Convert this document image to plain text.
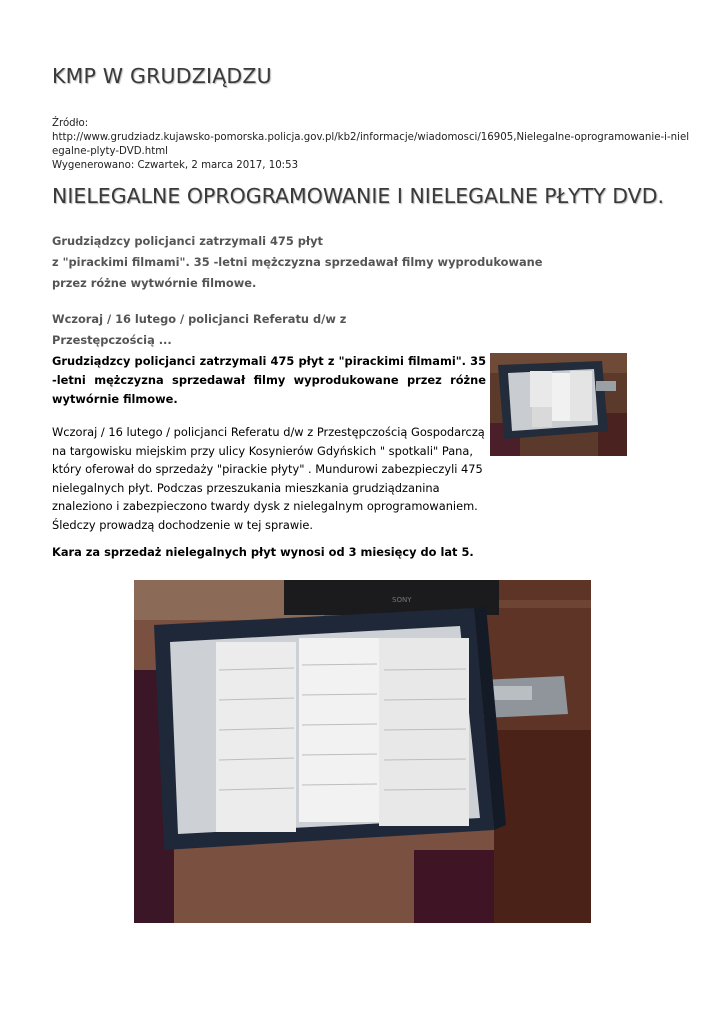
KMP W GRUDZIĄDZU
Źródło:
http://www.grudziadz.kujawsko-pomorska.policja.gov.pl/kb2/informacje/wiadomosci/16905,Nielegalne-oprogramowanie-i-niel
egalne-plyty-DVD.html
Wygenerowano: Czwartek, 2 marca 2017, 10:53
NIELEGALNE OPROGRAMOWANIE I NIELEGALNE PŁYTY DVD.
Grudziądzcy policjanci zatrzymali 475 płyt
z "pirackimi filmami". 35 -letni mężczyzna sprzedawał filmy wyprodukowane
przez różne wytwórnie filmowe.
Wczoraj / 16 lutego / policjanci Referatu d/w z
Przestępczością ...
Grudziądzcy policjanci zatrzymali 475 płyt z "pirackimi filmami". 35 -letni mężczyzna sprzedawał filmy wyprodukowane przez różne wytwórnie filmowe.
Wczoraj / 16 lutego / policjanci Referatu d/w z Przestępczością Gospodarczą
na targowisku miejskim przy ulicy Kosynierów Gdyńskich " spotkali" Pana,
który oferował do sprzedaży "pirackie płyty" . Mundurowi zabezpieczyli 475
nielegalnych płyt. Podczas przeszukania mieszkania grudziądzanina
znaleziono i zabezpieczono twardy dysk z nielegalnym oprogramowaniem.
Śledczy prowadzą dochodzenie w tej sprawie.
Kara za sprzedaż nielegalnych płyt wynosi od 3 miesięcy do lat 5.
SONY
